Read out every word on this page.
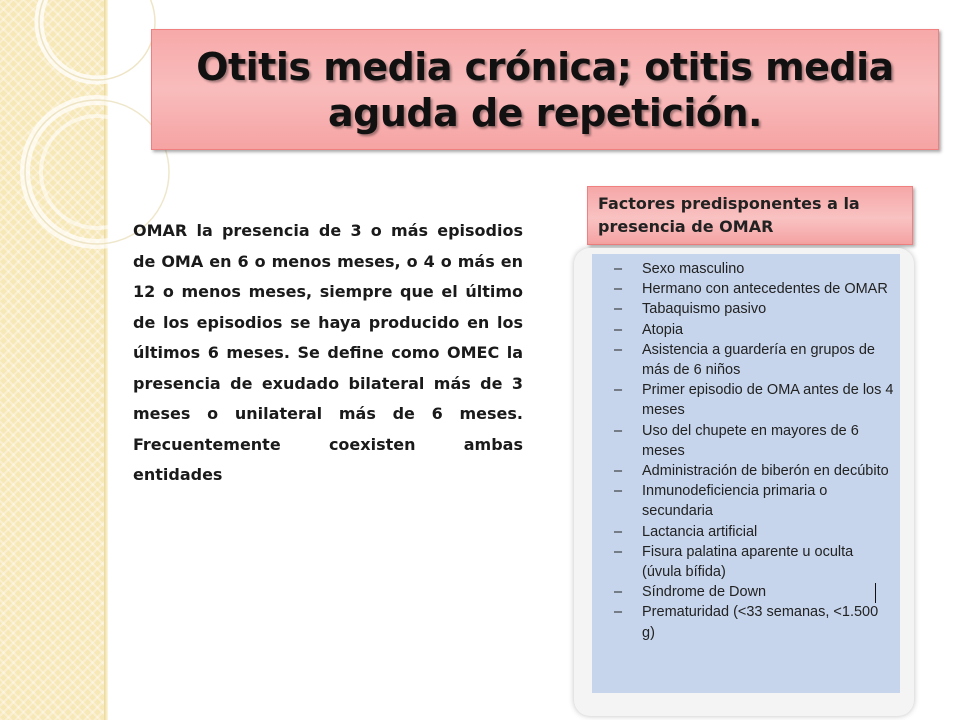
Otitis media crónica; otitis media aguda de repetición.

OMAR la presencia de 3 o más episodios de OMA en 6 o menos meses, o 4 o más en 12 o menos meses, siempre que el último de los episodios se haya producido en los últimos 6 meses. Se define como OMEC la presencia de exudado bilateral más de 3 meses o unilateral más de 6 meses. Frecuentemente coexisten ambas entidades

Factores predisponentes a la presencia de OMAR
– Sexo masculino
– Hermano con antecedentes de OMAR
– Tabaquismo pasivo
– Atopia
– Asistencia a guardería en grupos de más de 6 niños
– Primer episodio de OMA antes de los 4 meses
– Uso del chupete en mayores de 6 meses
– Administración de biberón en decúbito
– Inmunodeficiencia primaria o secundaria
– Lactancia artificial
– Fisura palatina aparente u oculta (úvula bífida)
– Síndrome de Down
– Prematuridad (<33 semanas, <1.500 g)
